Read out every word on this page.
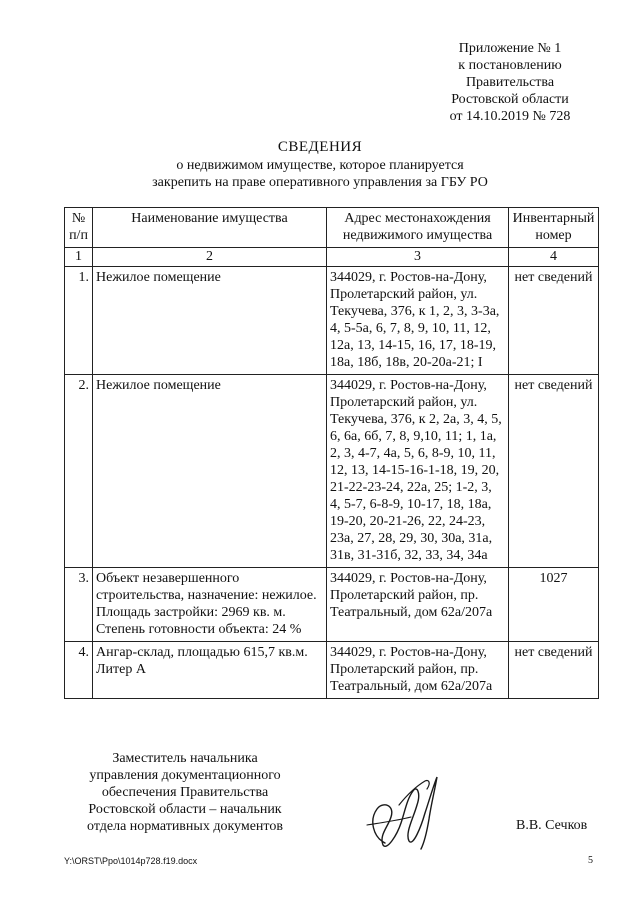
Приложение № 1
к постановлению
Правительства
Ростовской области
от 14.10.2019 № 728
СВЕДЕНИЯ
о недвижимом имуществе, которое планируется
закрепить на праве оперативного управления за ГБУ РО
№ п/п	Наименование имущества	Адрес местонахождения недвижимого имущества	Инвентарный номер
1	2	3	4
1.	Нежилое помещение	344029, г. Ростов-на-Дону, Пролетарский район, ул. Текучева, 376, к 1, 2, 3, 3-3а, 4, 5-5а, 6, 7, 8, 9, 10, 11, 12, 12а, 13, 14-15, 16, 17, 18-19, 18а, 18б, 18в, 20-20а-21; I	нет сведений
2.	Нежилое помещение	344029, г. Ростов-на-Дону, Пролетарский район, ул. Текучева, 376, к 2, 2а, 3, 4, 5, 6, 6а, 6б, 7, 8, 9,10, 11; 1, 1а, 2, 3, 4-7, 4а, 5, 6, 8-9, 10, 11, 12, 13, 14-15-16-1-18, 19, 20, 21-22-23-24, 22а, 25; 1-2, 3, 4, 5-7, 6-8-9, 10-17, 18, 18а, 19-20, 20-21-26, 22, 24-23, 23а, 27, 28, 29, 30, 30а, 31а, 31в, 31-31б, 32, 33, 34, 34а	нет сведений
3.	Объект незавершенного строительства, назначение: нежилое. Площадь застройки: 2969 кв. м. Степень готовности объекта: 24 %	344029, г. Ростов-на-Дону, Пролетарский район, пр. Театральный, дом 62а/207а	1027
4.	Ангар-склад, площадью 615,7 кв.м. Литер А	344029, г. Ростов-на-Дону, Пролетарский район, пр. Театральный, дом 62а/207а	нет сведений
Заместитель начальника
управления документационного
обеспечения Правительства
Ростовской области – начальник
отдела нормативных документов	В.В. Сечков
Y:\ORST\Ppo\1014p728.f19.docx	5
